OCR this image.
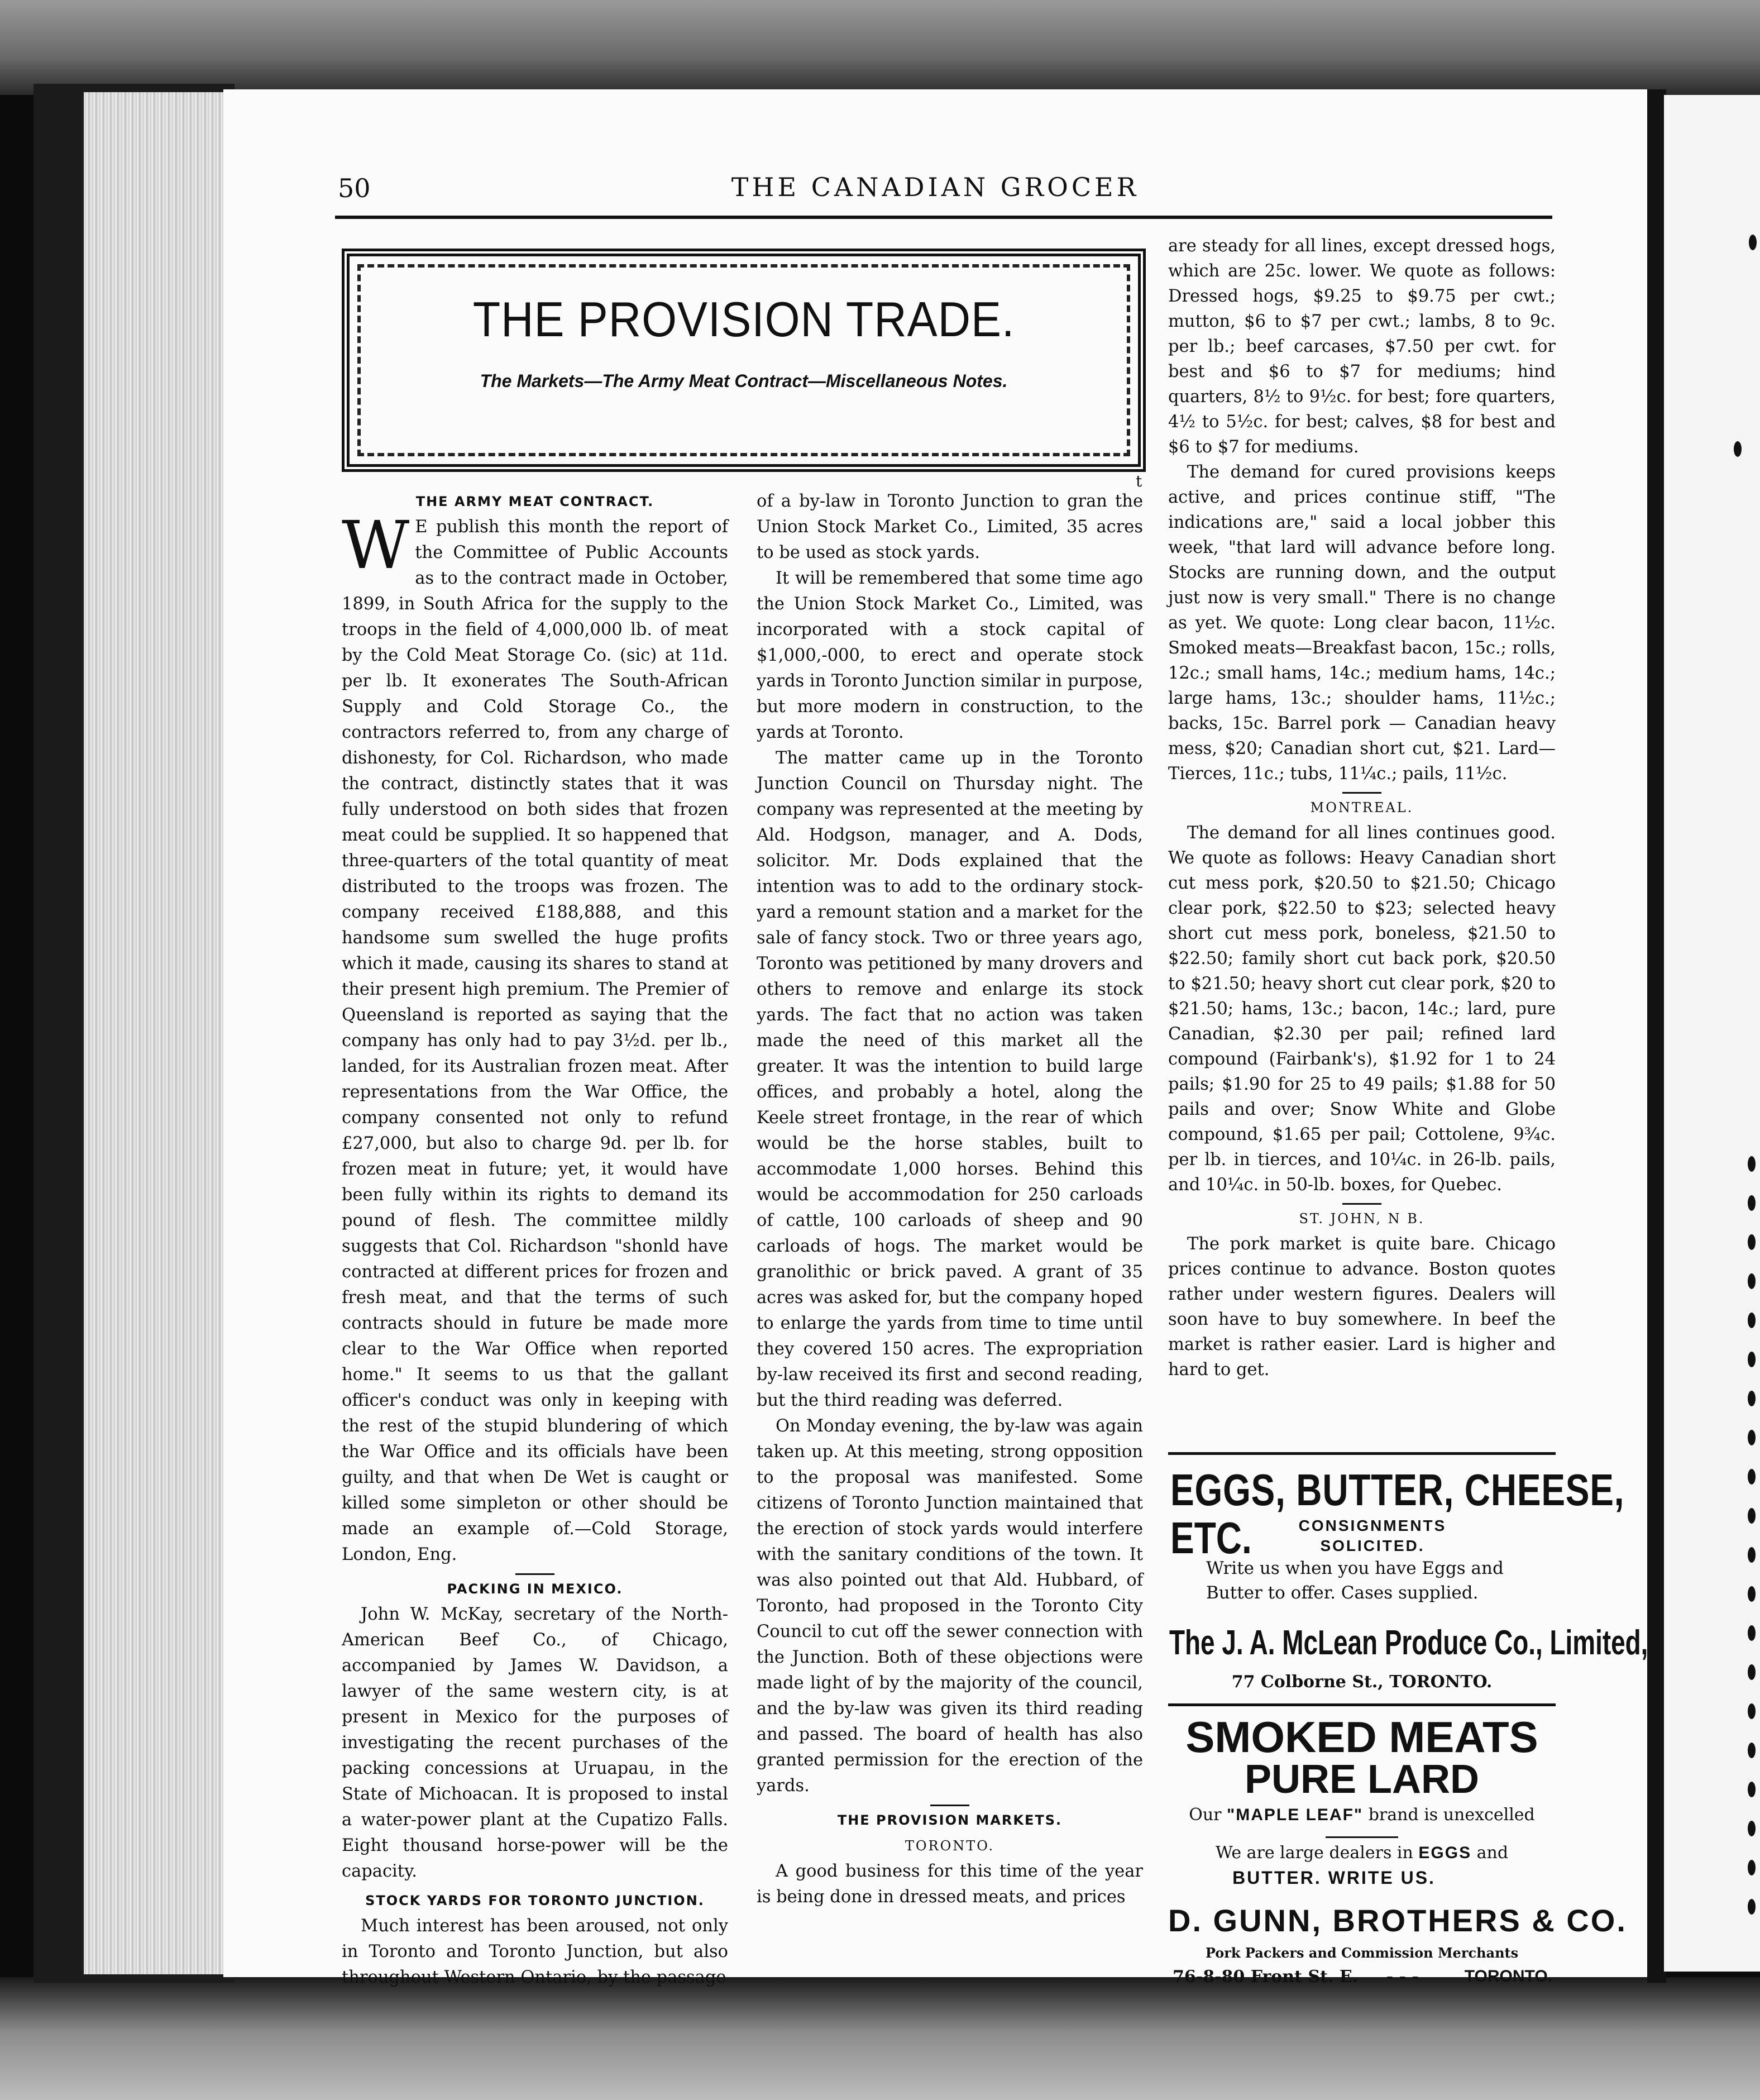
50	THE CANADIAN GROCER
THE PROVISION TRADE.
The Markets—The Army Meat Contract—Miscellaneous Notes.
t
THE ARMY MEAT CONTRACT.

W E publish this month the report of the Committee of Public Accounts as to the contract made in October, 1899, in South Africa for the supply to the troops in the field of 4,000,000 lb. of meat by the Cold Meat Storage Co. (sic) at 11d. per lb. It exonerates The South-African Supply and Cold Storage Co., the contractors referred to, from any charge of dishonesty, for Col. Richardson, who made the contract, distinctly states that it was fully understood on both sides that frozen meat could be supplied. It so happened that three-quarters of the total quantity of meat distributed to the troops was frozen. The company received £188,888, and this handsome sum swelled the huge profits which it made, causing its shares to stand at their present high premium. The Premier of Queensland is reported as saying that the company has only had to pay 3½d. per lb., landed, for its Australian frozen meat. After representations from the War Office, the company consented not only to refund £27,000, but also to charge 9d. per lb. for frozen meat in future; yet, it would have been fully within its rights to demand its pound of flesh. The committee mildly suggests that Col. Richardson "shonld have contracted at different prices for frozen and fresh meat, and that the terms of such contracts should in future be made more clear to the War Office when reported home." It seems to us that the gallant officer's conduct was only in keeping with the rest of the stupid blundering of which the War Office and its officials have been guilty, and that when De Wet is caught or killed some simpleton or other should be made an example of.—Cold Storage, London, Eng.

PACKING IN MEXICO.

John W. McKay, secretary of the North-American Beef Co., of Chicago, accompanied by James W. Davidson, a lawyer of the same western city, is at present in Mexico for the purposes of investigating the recent purchases of the packing concessions at Uruapau, in the State of Michoacan. It is proposed to instal a water-power plant at the Cupatizo Falls. Eight thousand horse-power will be the capacity.

STOCK YARDS FOR TORONTO JUNCTION.

Much interest has been aroused, not only in Toronto and Toronto Junction, but also throughout Western Ontario, by the passage

of a by-law in Toronto Junction to gran the Union Stock Market Co., Limited, 35 acres to be used as stock yards.

It will be remembered that some time ago the Union Stock Market Co., Limited, was incorporated with a stock capital of $1,000,-000, to erect and operate stock yards in Toronto Junction similar in purpose, but more modern in construction, to the yards at Toronto.

The matter came up in the Toronto Junction Council on Thursday night. The company was represented at the meeting by Ald. Hodgson, manager, and A. Dods, solicitor. Mr. Dods explained that the intention was to add to the ordinary stock-yard a remount station and a market for the sale of fancy stock. Two or three years ago, Toronto was petitioned by many drovers and others to remove and enlarge its stock yards. The fact that no action was taken made the need of this market all the greater. It was the intention to build large offices, and probably a hotel, along the Keele street frontage, in the rear of which would be the horse stables, built to accommodate 1,000 horses. Behind this would be accommodation for 250 carloads of cattle, 100 carloads of sheep and 90 carloads of hogs. The market would be granolithic or brick paved. A grant of 35 acres was asked for, but the company hoped to enlarge the yards from time to time until they covered 150 acres. The expropriation by-law received its first and second reading, but the third reading was deferred.

On Monday evening, the by-law was again taken up. At this meeting, strong opposition to the proposal was manifested. Some citizens of Toronto Junction maintained that the erection of stock yards would interfere with the sanitary conditions of the town. It was also pointed out that Ald. Hubbard, of Toronto, had proposed in the Toronto City Council to cut off the sewer connection with the Junction. Both of these objections were made light of by the majority of the council, and the by-law was given its third reading and passed. The board of health has also granted permission for the erection of the yards.

THE PROVISION MARKETS.
TORONTO.

A good business for this time of the year is being done in dressed meats, and prices

are steady for all lines, except dressed hogs, which are 25c. lower. We quote as follows: Dressed hogs, $9.25 to $9.75 per cwt.; mutton, $6 to $7 per cwt.; lambs, 8 to 9c. per lb.; beef carcases, $7.50 per cwt. for best and $6 to $7 for mediums; hind quarters, 8½ to 9½c. for best; fore quarters, 4½ to 5½c. for best; calves, $8 for best and $6 to $7 for mediums.

The demand for cured provisions keeps active, and prices continue stiff, "The indications are," said a local jobber this week, "that lard will advance before long. Stocks are running down, and the output just now is very small." There is no change as yet. We quote: Long clear bacon, 11½c. Smoked meats—Breakfast bacon, 15c.; rolls, 12c.; small hams, 14c.; medium hams, 14c.; large hams, 13c.; shoulder hams, 11½c.; backs, 15c. Barrel pork — Canadian heavy mess, $20; Canadian short cut, $21. Lard—Tierces, 11c.; tubs, 11¼c.; pails, 11½c.

MONTREAL.

The demand for all lines continues good. We quote as follows: Heavy Canadian short cut mess pork, $20.50 to $21.50; Chicago clear pork, $22.50 to $23; selected heavy short cut mess pork, boneless, $21.50 to $22.50; family short cut back pork, $20.50 to $21.50; heavy short cut clear pork, $20 to $21.50; hams, 13c.; bacon, 14c.; lard, pure Canadian, $2.30 per pail; refined lard compound (Fairbank's), $1.92 for 1 to 24 pails; $1.90 for 25 to 49 pails; $1.88 for 50 pails and over; Snow White and Globe compound, $1.65 per pail; Cottolene, 9¾c. per lb. in tierces, and 10¼c. in 26-lb. pails, and 10¼c. in 50-lb. boxes, for Quebec.

ST. JOHN, N B.

The pork market is quite bare. Chicago prices continue to advance. Boston quotes rather under western figures. Dealers will soon have to buy somewhere. In beef the market is rather easier. Lard is higher and hard to get.

EGGS, BUTTER, CHEESE,
ETC.	CONSIGNMENTS
SOLICITED.
Write us when you have Eggs and
Butter to offer. Cases supplied.
The J. A. McLean Produce Co., Limited,
77 Colborne St., TORONTO.
SMOKED MEATS
PURE LARD
Our "MAPLE LEAF" brand is unexcelled
We are large dealers in EGGS and
BUTTER. WRITE US.
D. GUNN, BROTHERS & CO.
Pork Packers and Commission Merchants
76-8-80 Front St. E. - - -	TORONTO.
